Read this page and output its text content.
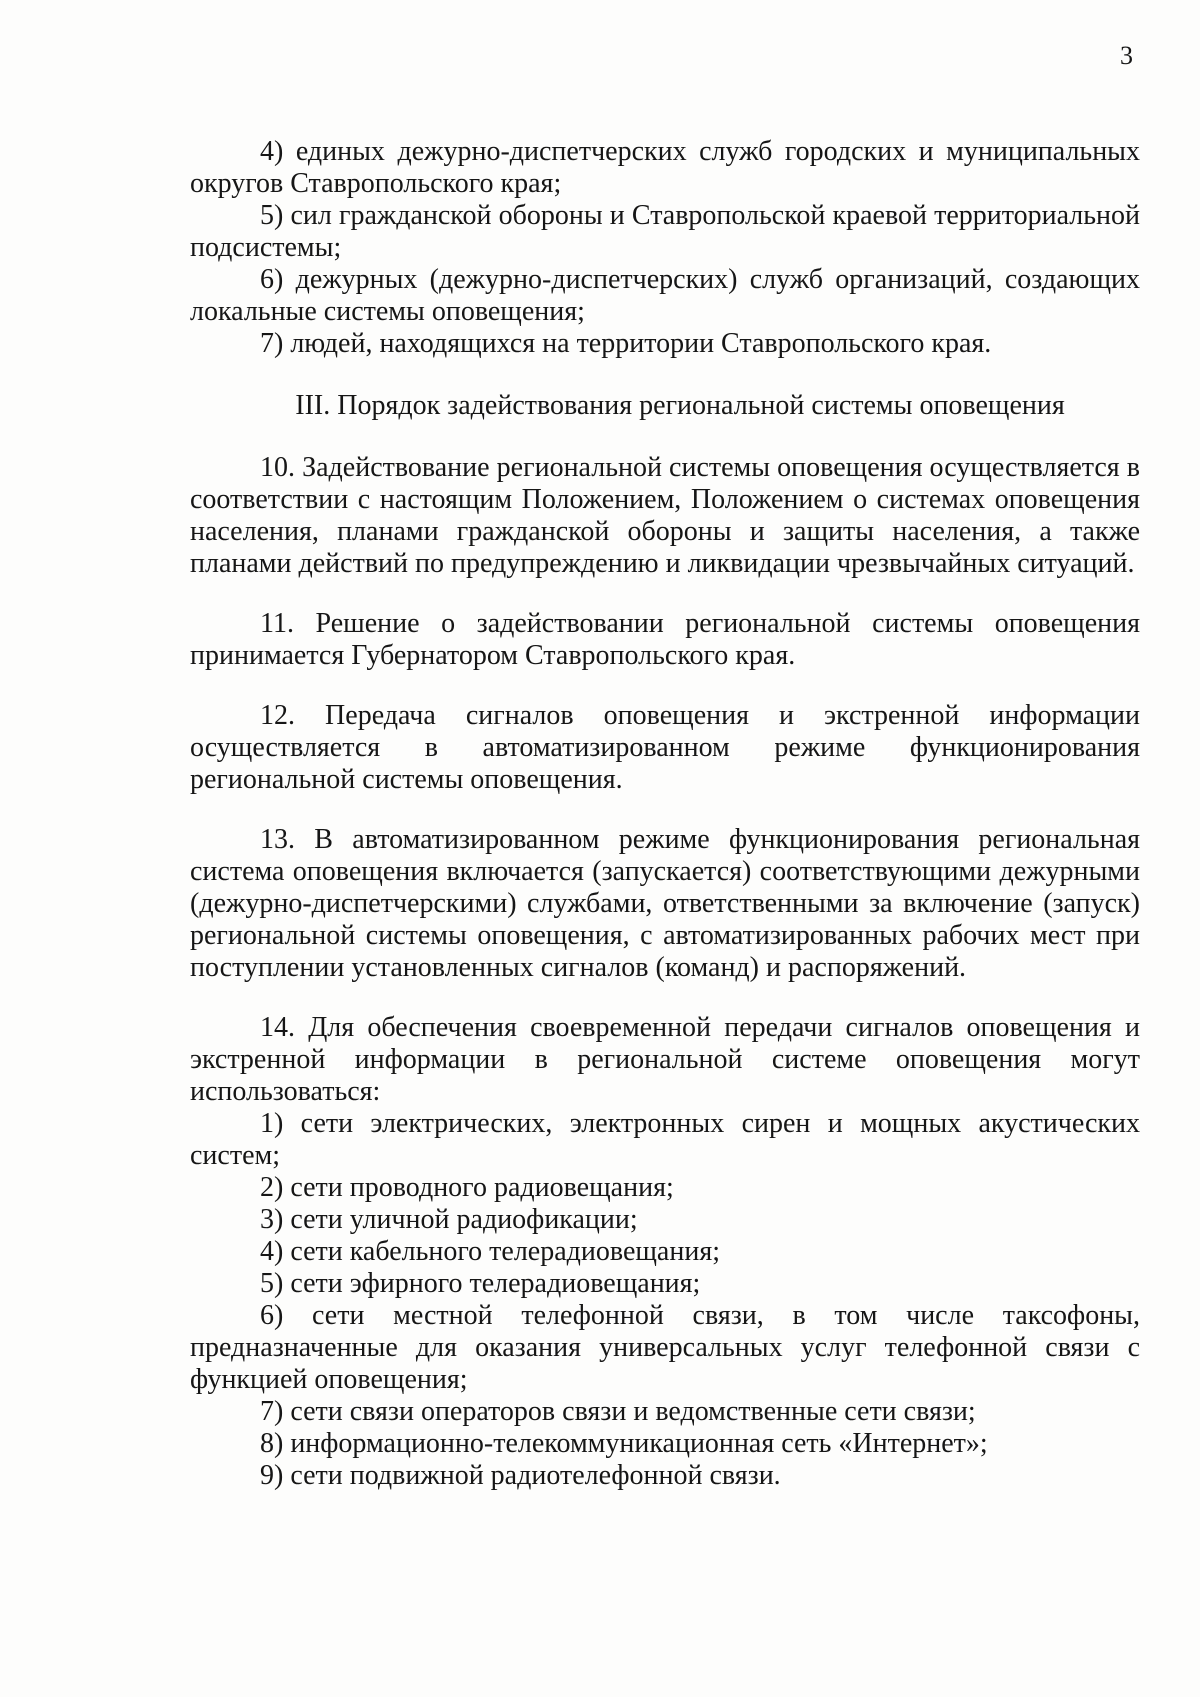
3

4) единых дежурно-диспетчерских служб городских и муниципальных округов Ставропольского края;

5) сил гражданской обороны и Ставропольской краевой территориальной подсистемы;

6) дежурных (дежурно-диспетчерских) служб организаций, создающих локальные системы оповещения;

7) людей, находящихся на территории Ставропольского края.

III. Порядок задействования региональной системы оповещения

10. Задействование региональной системы оповещения осуществляется в соответствии с настоящим Положением, Положением о системах оповещения населения, планами гражданской обороны и защиты населения, а также планами действий по предупреждению и ликвидации чрезвычайных ситуаций.

11. Решение о задействовании региональной системы оповещения принимается Губернатором Ставропольского края.

12. Передача сигналов оповещения и экстренной информации осуществляется в автоматизированном режиме функционирования региональной системы оповещения.

13. В автоматизированном режиме функционирования региональная система оповещения включается (запускается) соответствующими дежурными (дежурно-диспетчерскими) службами, ответственными за включение (запуск) региональной системы оповещения, с автоматизированных рабочих мест при поступлении установленных сигналов (команд) и распоряжений.

14. Для обеспечения своевременной передачи сигналов оповещения и экстренной информации в региональной системе оповещения могут использоваться:

1) сети электрических, электронных сирен и мощных акустических систем;

2) сети проводного радиовещания;

3) сети уличной радиофикации;

4) сети кабельного телерадиовещания;

5) сети эфирного телерадиовещания;

6) сети местной телефонной связи, в том числе таксофоны, предназначенные для оказания универсальных услуг телефонной связи с функцией оповещения;

7) сети связи операторов связи и ведомственные сети связи;

8) информационно-телекоммуникационная сеть «Интернет»;

9) сети подвижной радиотелефонной связи.
